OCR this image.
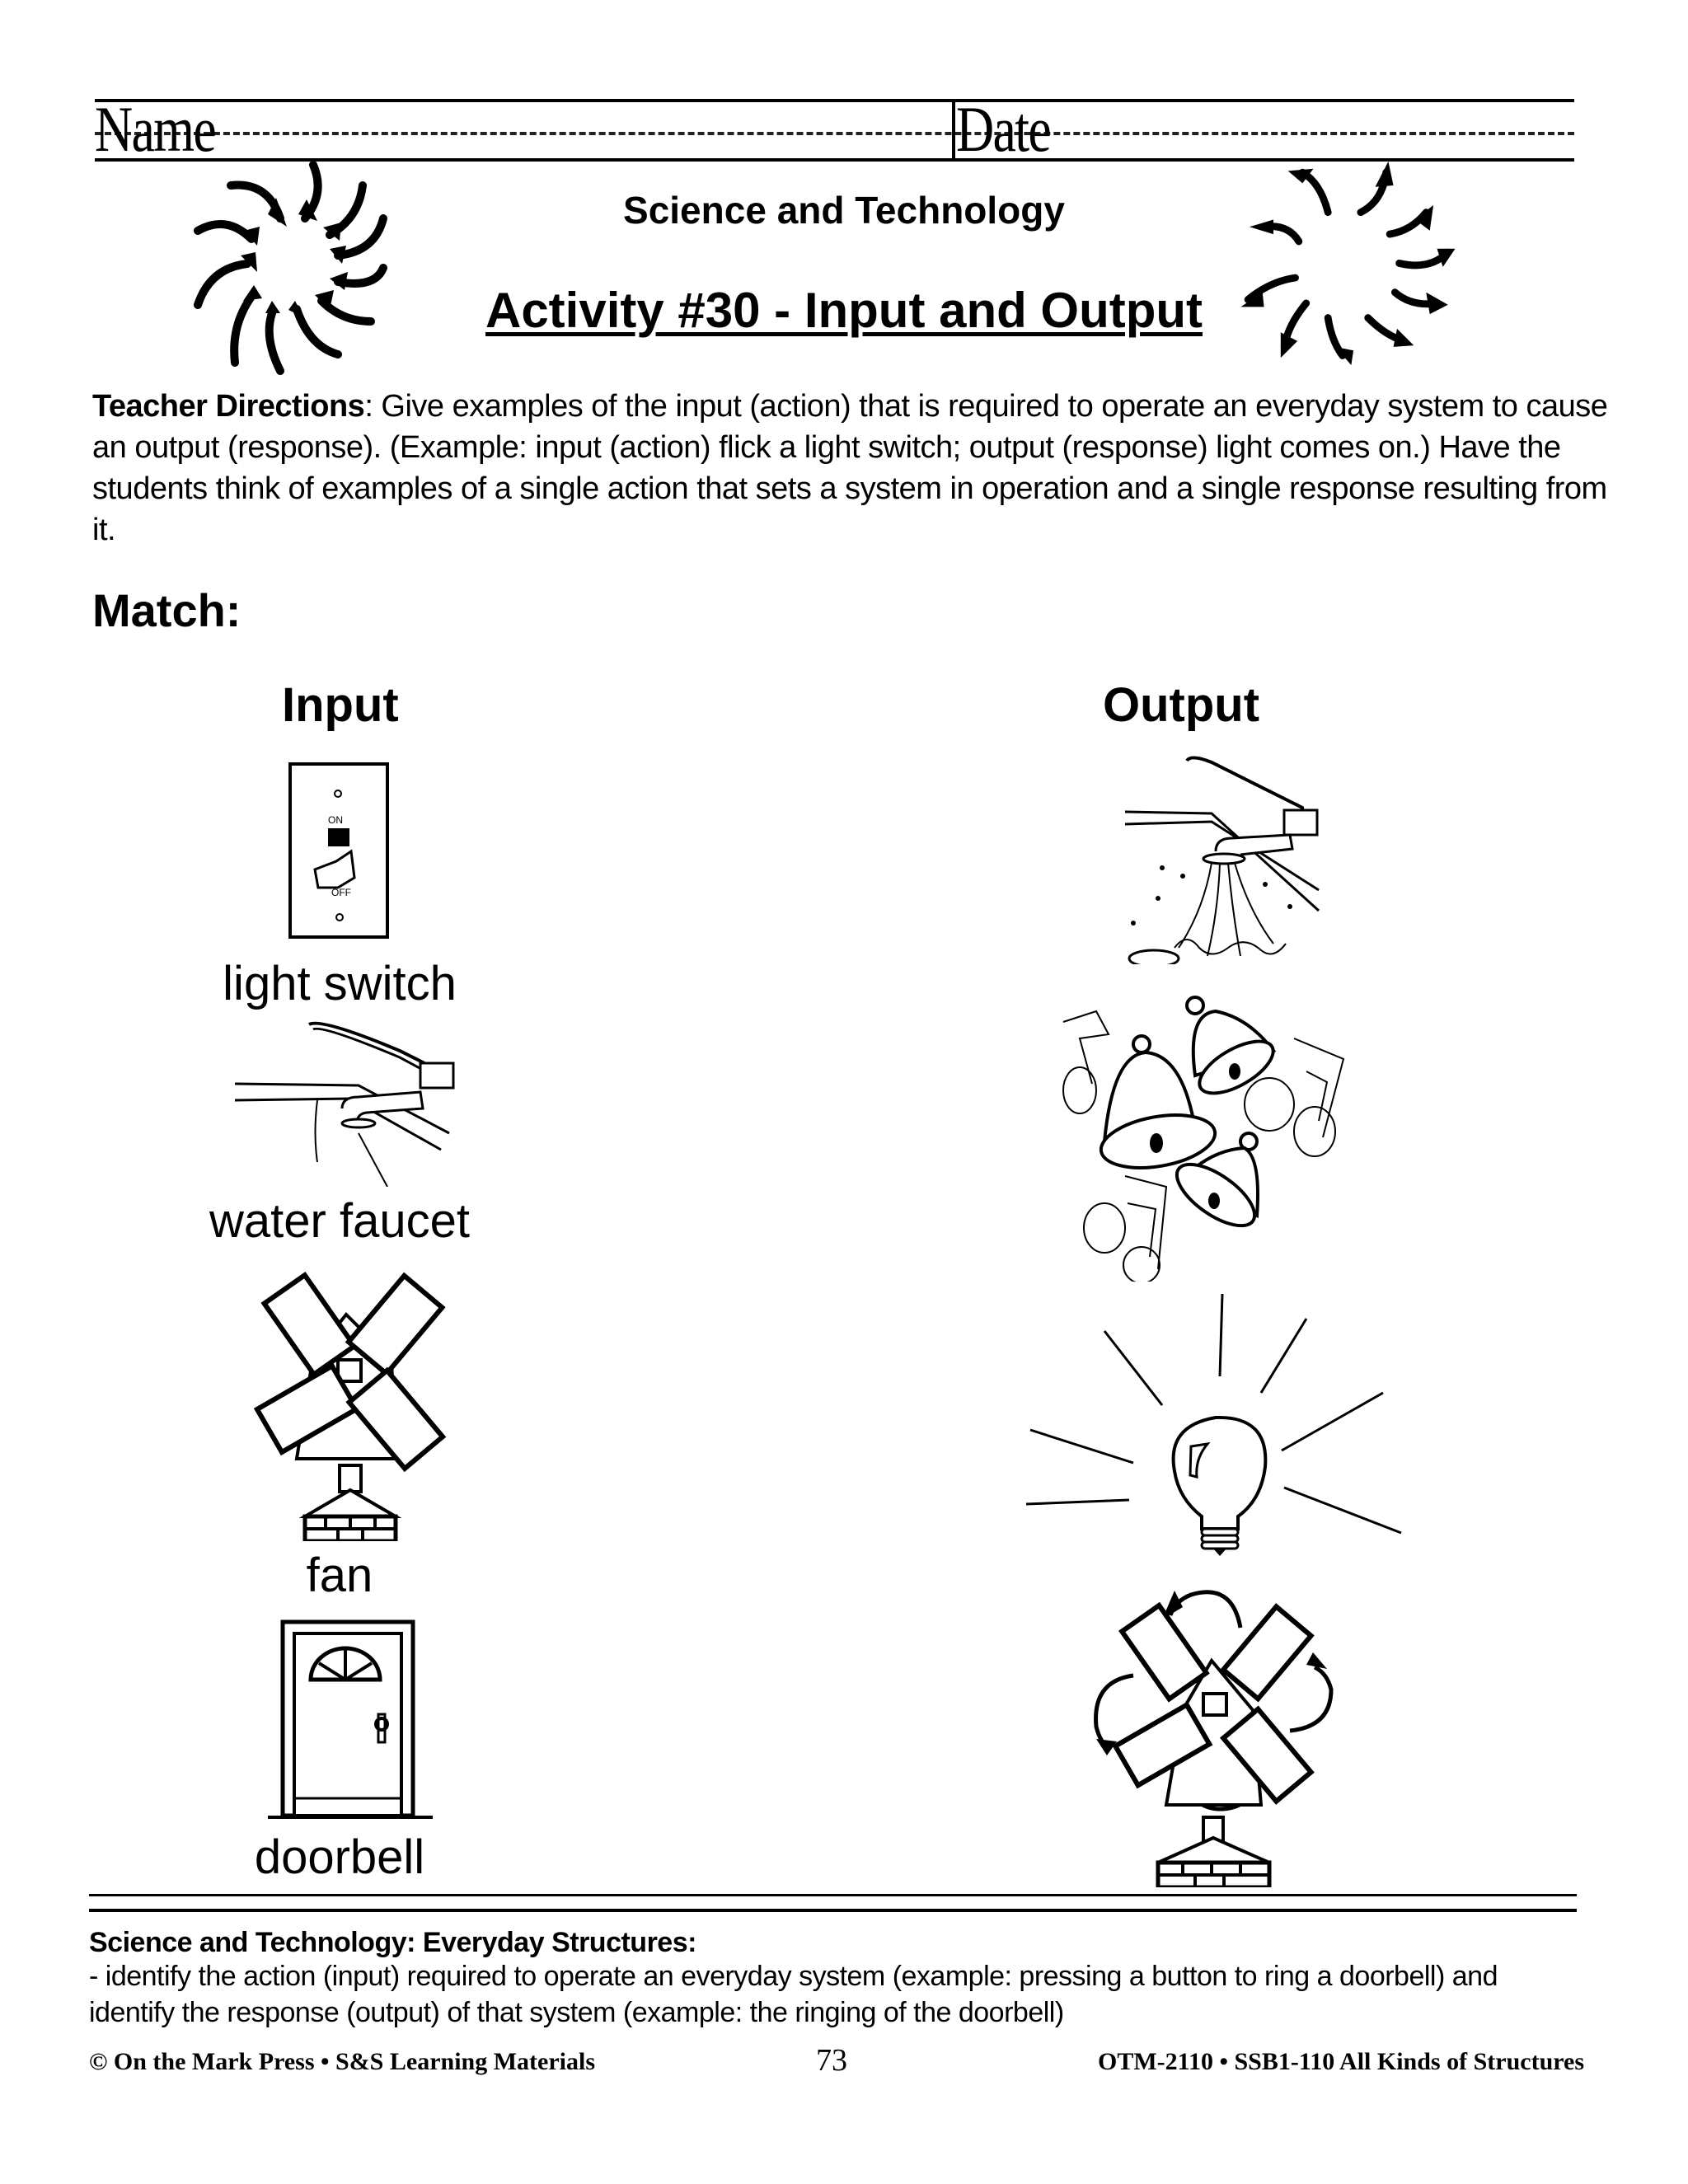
Name	Date
Science and Technology
Activity #30 - Input and Output
Teacher Directions: Give examples of the input (action) that is required to operate an everyday system to cause an output (response). (Example: input (action) flick a light switch; output (response) light comes on.) Have the students think of examples of a single action that sets a system in operation and a single response resulting from it.
Match:
Input	Output
ON
OFF
light switch
water faucet
fan
doorbell
Science and Technology: Everyday Structures:
- identify the action (input) required to operate an everyday system (example: pressing a button to ring a doorbell) and identify the response (output) of that system (example: the ringing of the doorbell)
© On the Mark Press • S&S Learning Materials	73	OTM-2110 • SSB1-110 All Kinds of Structures
